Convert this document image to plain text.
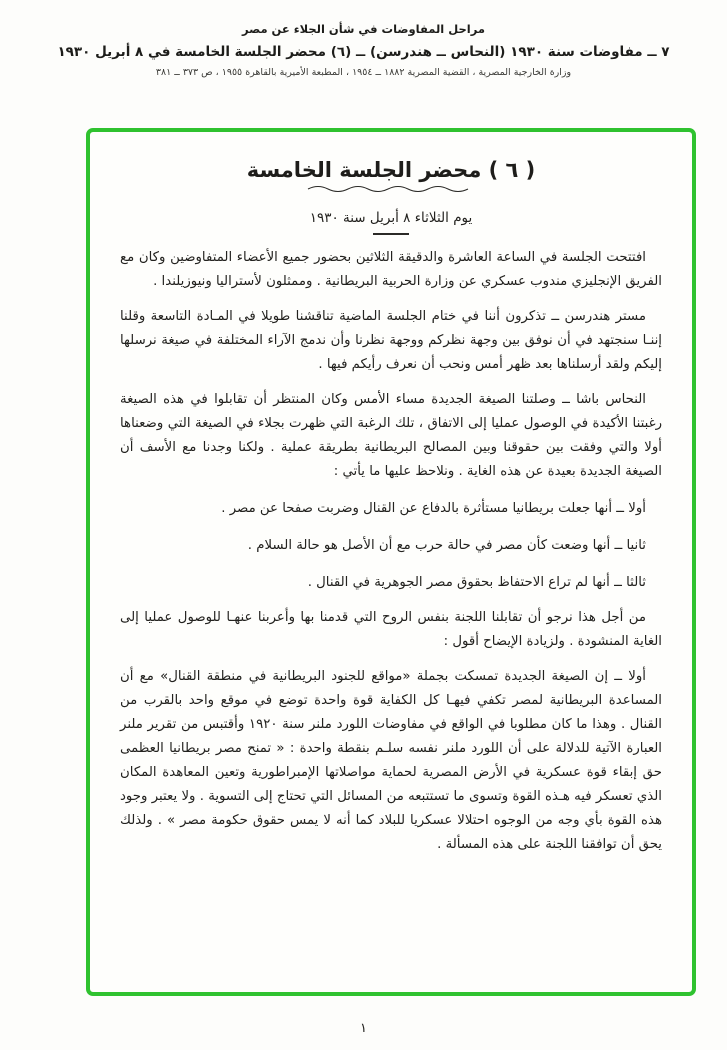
مراحل المفاوضات في شأن الجلاء عن مصر
٧ ــ مفاوضات سنة ١٩٣٠ (النحاس ــ هندرسن) ــ (٦) محضر الجلسة الخامسة في ٨ أبريل ١٩٣٠
وزارة الخارجية المصرية ، القضية المصرية ١٨٨٢ ــ ١٩٥٤ ، المطبعة الأميرية بالقاهرة ١٩٥٥ ، ص ٣٧٣ ــ ٣٨١
( ٦ ) محضر الجلسة الخامسة
يوم الثلاثاء ٨ أبريل سنة ١٩٣٠

افتتحت الجلسة في الساعة العاشرة والدقيقة الثلاثين بحضور جميع الأعضاء المتفاوضين وكان مع الفريق الإنجليزي مندوب عسكري عن وزارة الحربية البريطانية . وممثلون لأستراليا ونيوزيلندا .

مستر هندرسن ــ تذكرون أننا في ختام الجلسة الماضية تناقشنا طويلا في المـادة التاسعة وقلنا إننـا سنجتهد في أن نوفق بين وجهة نظركم ووجهة نظرنا وأن ندمج الآراء المختلفة في صيغة نرسلها إليكم ولقد أرسلناها بعد ظهر أمس ونحب أن نعرف رأيكم فيها .

النحاس باشا ــ وصلتنا الصيغة الجديدة مساء الأمس وكان المنتظر أن تقابلوا في هذه الصيغة رغبتنا الأكيدة في الوصول عمليا إلى الاتفاق ، تلك الرغبة التي ظهرت بجلاء في الصيغة التي وضعناها أولا والتي وفقت بين حقوقنا وبين المصالح البريطانية بطريقة عملية . ولكنا وجدنا مع الأسف أن الصيغة الجديدة بعيدة عن هذه الغاية . ونلاحظ عليها ما يأتي :

أولا ــ أنها جعلت بريطانيا مستأثرة بالدفاع عن القنال وضربت صفحا عن مصر .

ثانيا ــ أنها وضعت كأن مصر في حالة حرب مع أن الأصل هو حالة السلام .

ثالثا ــ أنها لم تراع الاحتفاظ بحقوق مصر الجوهرية في القنال .

من أجل هذا نرجو أن تقابلنا اللجنة بنفس الروح التي قدمنا بها وأعربنا عنهـا للوصول عمليا إلى الغاية المنشودة . ولزيادة الإيضاح أقول :

أولا ــ إن الصيغة الجديدة تمسكت بجملة «مواقع للجنود البريطانية في منطقة القنال» مع أن المساعدة البريطانية لمصر تكفي فيهـا كل الكفاية قوة واحدة توضع في موقع واحد بالقرب من القنال . وهذا ما كان مطلوبا في الواقع في مفاوضات اللورد ملنر سنة ١٩٢٠ وأقتبس من تقرير ملنر العبارة الآتية للدلالة على أن اللورد ملنر نفسه سلـم بنقطة واحدة : « تمنح مصر بريطانيا العظمى حق إبقاء قوة عسكرية في الأرض المصرية لحماية مواصلاتها الإمبراطورية وتعين المعاهدة المكان الذي تعسكر فيه هـذه القوة وتسوى ما تستتبعه من المسائل التي تحتاج إلى التسوية . ولا يعتبر وجود هذه القوة بأي وجه من الوجوه احتلالا عسكريا للبلاد كما أنه لا يمس حقوق حكومة مصر » . ولذلك يحق أن توافقنا اللجنة على هذه المسألة .

١
